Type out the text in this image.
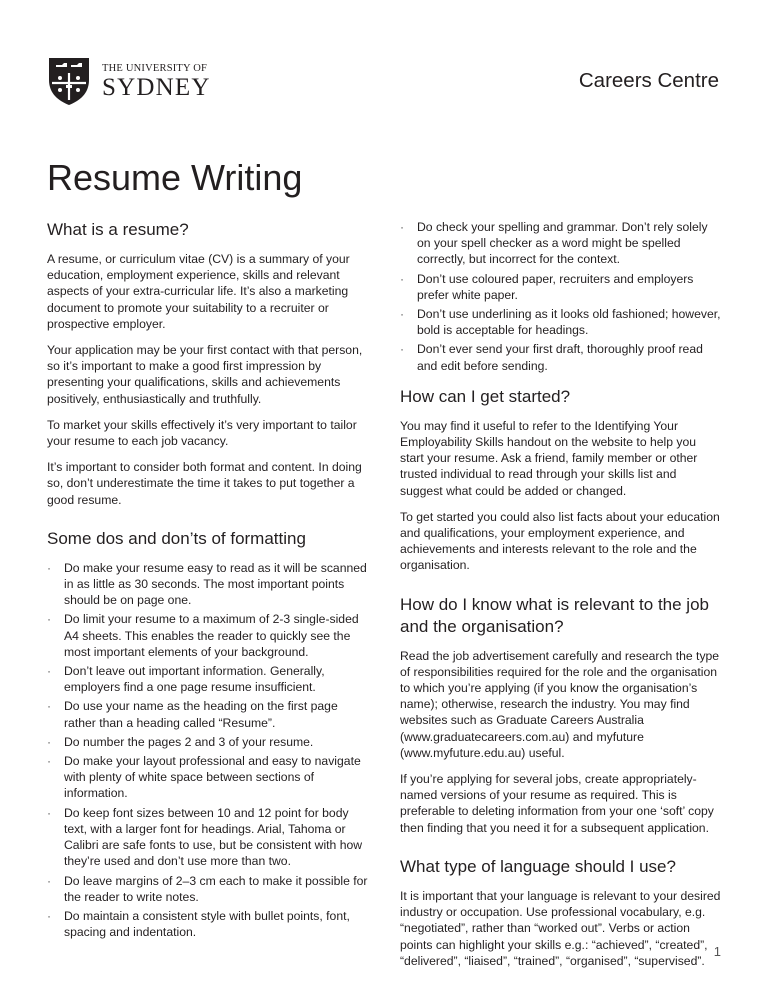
THE UNIVERSITY OF
SYDNEY	Careers Centre
Resume Writing
What is a resume?

A resume, or curriculum vitae (CV) is a summary of your education, employment experience, skills and relevant aspects of your extra-curricular life. It’s also a marketing document to promote your suitability to a recruiter or prospective employer.

Your application may be your first contact with that person, so it’s important to make a good first impression by presenting your qualifications, skills and achievements positively, enthusiastically and truthfully.

To market your skills effectively it’s very important to tailor your resume to each job vacancy.

It’s important to consider both format and content. In doing so, don’t underestimate the time it takes to put together a good resume.

Some dos and don’ts of formatting
· Do make your resume easy to read as it will be scanned in as little as 30 seconds. The most important points should be on page one.
· Do limit your resume to a maximum of 2-3 single-sided A4 sheets. This enables the reader to quickly see the most important elements of your background.
· Don’t leave out important information. Generally, employers find a one page resume insufficient.
· Do use your name as the heading on the first page rather than a heading called “Resume”.
· Do number the pages 2 and 3 of your resume.
· Do make your layout professional and easy to navigate with plenty of white space between sections of information.
· Do keep font sizes between 10 and 12 point for body text, with a larger font for headings. Arial, Tahoma or Calibri are safe fonts to use, but be consistent with how they’re used and don’t use more than two.
· Do leave margins of 2–3 cm each to make it possible for the reader to write notes.
· Do maintain a consistent style with bullet points, font, spacing and indentation.
· Do check your spelling and grammar. Don’t rely solely on your spell checker as a word might be spelled correctly, but incorrect for the context.
· Don’t use coloured paper, recruiters and employers prefer white paper.
· Don’t use underlining as it looks old fashioned; however, bold is acceptable for headings.
· Don’t ever send your first draft, thoroughly proof read and edit before sending.
How can I get started?

You may find it useful to refer to the Identifying Your Employability Skills handout on the website to help you start your resume. Ask a friend, family member or other trusted individual to read through your skills list and suggest what could be added or changed.

To get started you could also list facts about your education and qualifications, your employment experience, and achievements and interests relevant to the role and the organisation.

How do I know what is relevant to the job and the organisation?

Read the job advertisement carefully and research the type of responsibilities required for the role and the organisation to which you’re applying (if you know the organisation’s name); otherwise, research the industry. You may find websites such as Graduate Careers Australia (www.graduatecareers.com.au) and myfuture (www.myfuture.edu.au) useful.

If you’re applying for several jobs, create appropriately-named versions of your resume as required. This is preferable to deleting information from your one ‘soft’ copy then finding that you need it for a subsequent application.

What type of language should I use?

It is important that your language is relevant to your desired industry or occupation. Use professional vocabulary, e.g. “negotiated”, rather than “worked out”. Verbs or action points can highlight your skills e.g.: “achieved”, “created”, “delivered”, “liaised”, “trained”, “organised”, “supervised”.

1
